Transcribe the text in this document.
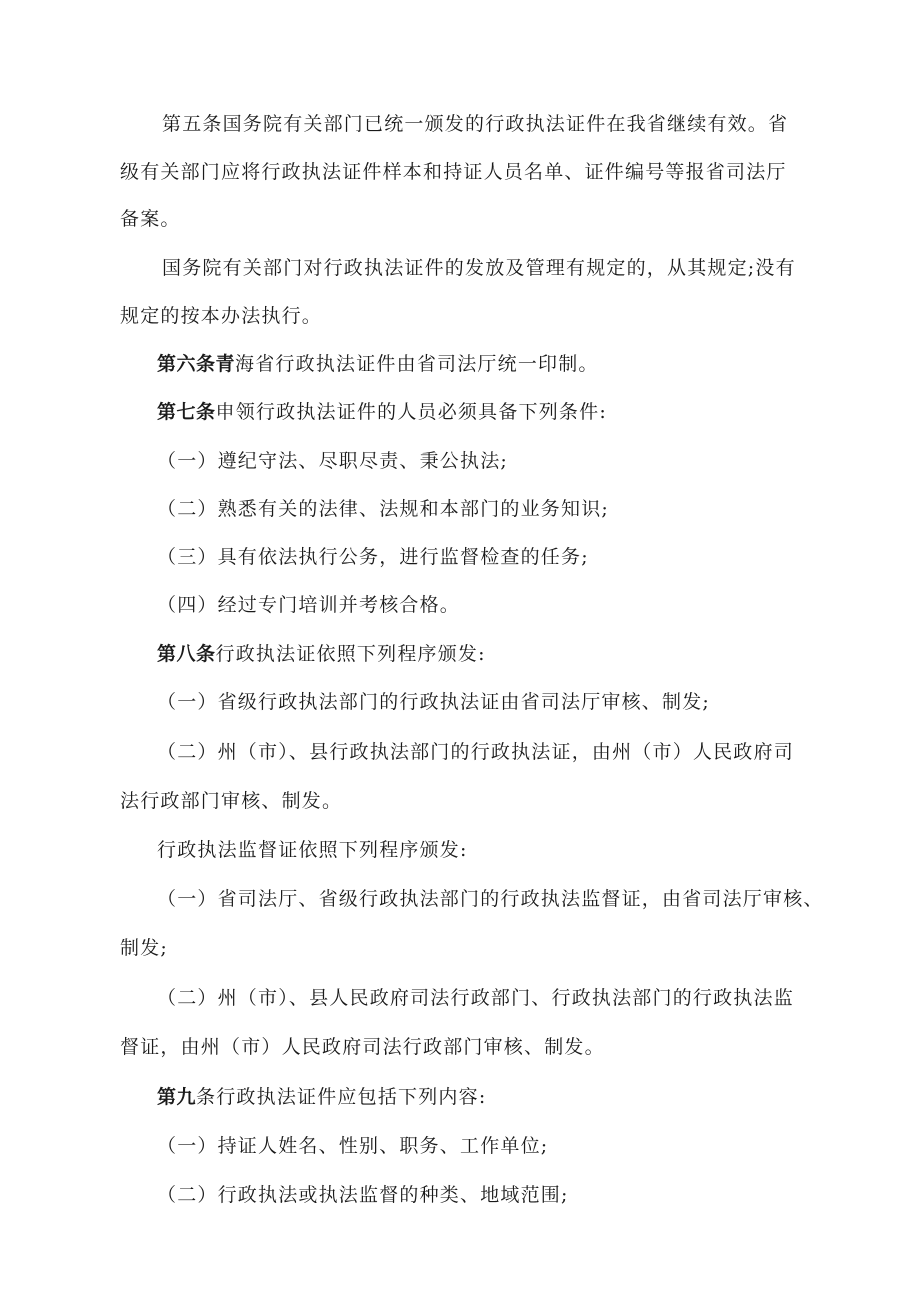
第五条国务院有关部门已统一颁发的行政执法证件在我省继续有效。省
级有关部门应将行政执法证件样本和持证人员名单、证件编号等报省司法厅
备案。
国务院有关部门对行政执法证件的发放及管理有规定的，从其规定;没有
规定的按本办法执行。
第六条青海省行政执法证件由省司法厅统一印制。
第七条申领行政执法证件的人员必须具备下列条件:
（一）遵纪守法、尽职尽责、秉公执法;
（二）熟悉有关的法律、法规和本部门的业务知识;
（三）具有依法执行公务，进行监督检查的任务;
（四）经过专门培训并考核合格。
第八条行政执法证依照下列程序颁发:
（一）省级行政执法部门的行政执法证由省司法厅审核、制发;
（二）州（市）、县行政执法部门的行政执法证，由州（市）人民政府司
法行政部门审核、制发。
行政执法监督证依照下列程序颁发:
（一）省司法厅、省级行政执法部门的行政执法监督证，由省司法厅审核、
制发;
（二）州（市）、县人民政府司法行政部门、行政执法部门的行政执法监
督证，由州（市）人民政府司法行政部门审核、制发。
第九条行政执法证件应包括下列内容:
（一）持证人姓名、性别、职务、工作单位;
（二）行政执法或执法监督的种类、地域范围;
